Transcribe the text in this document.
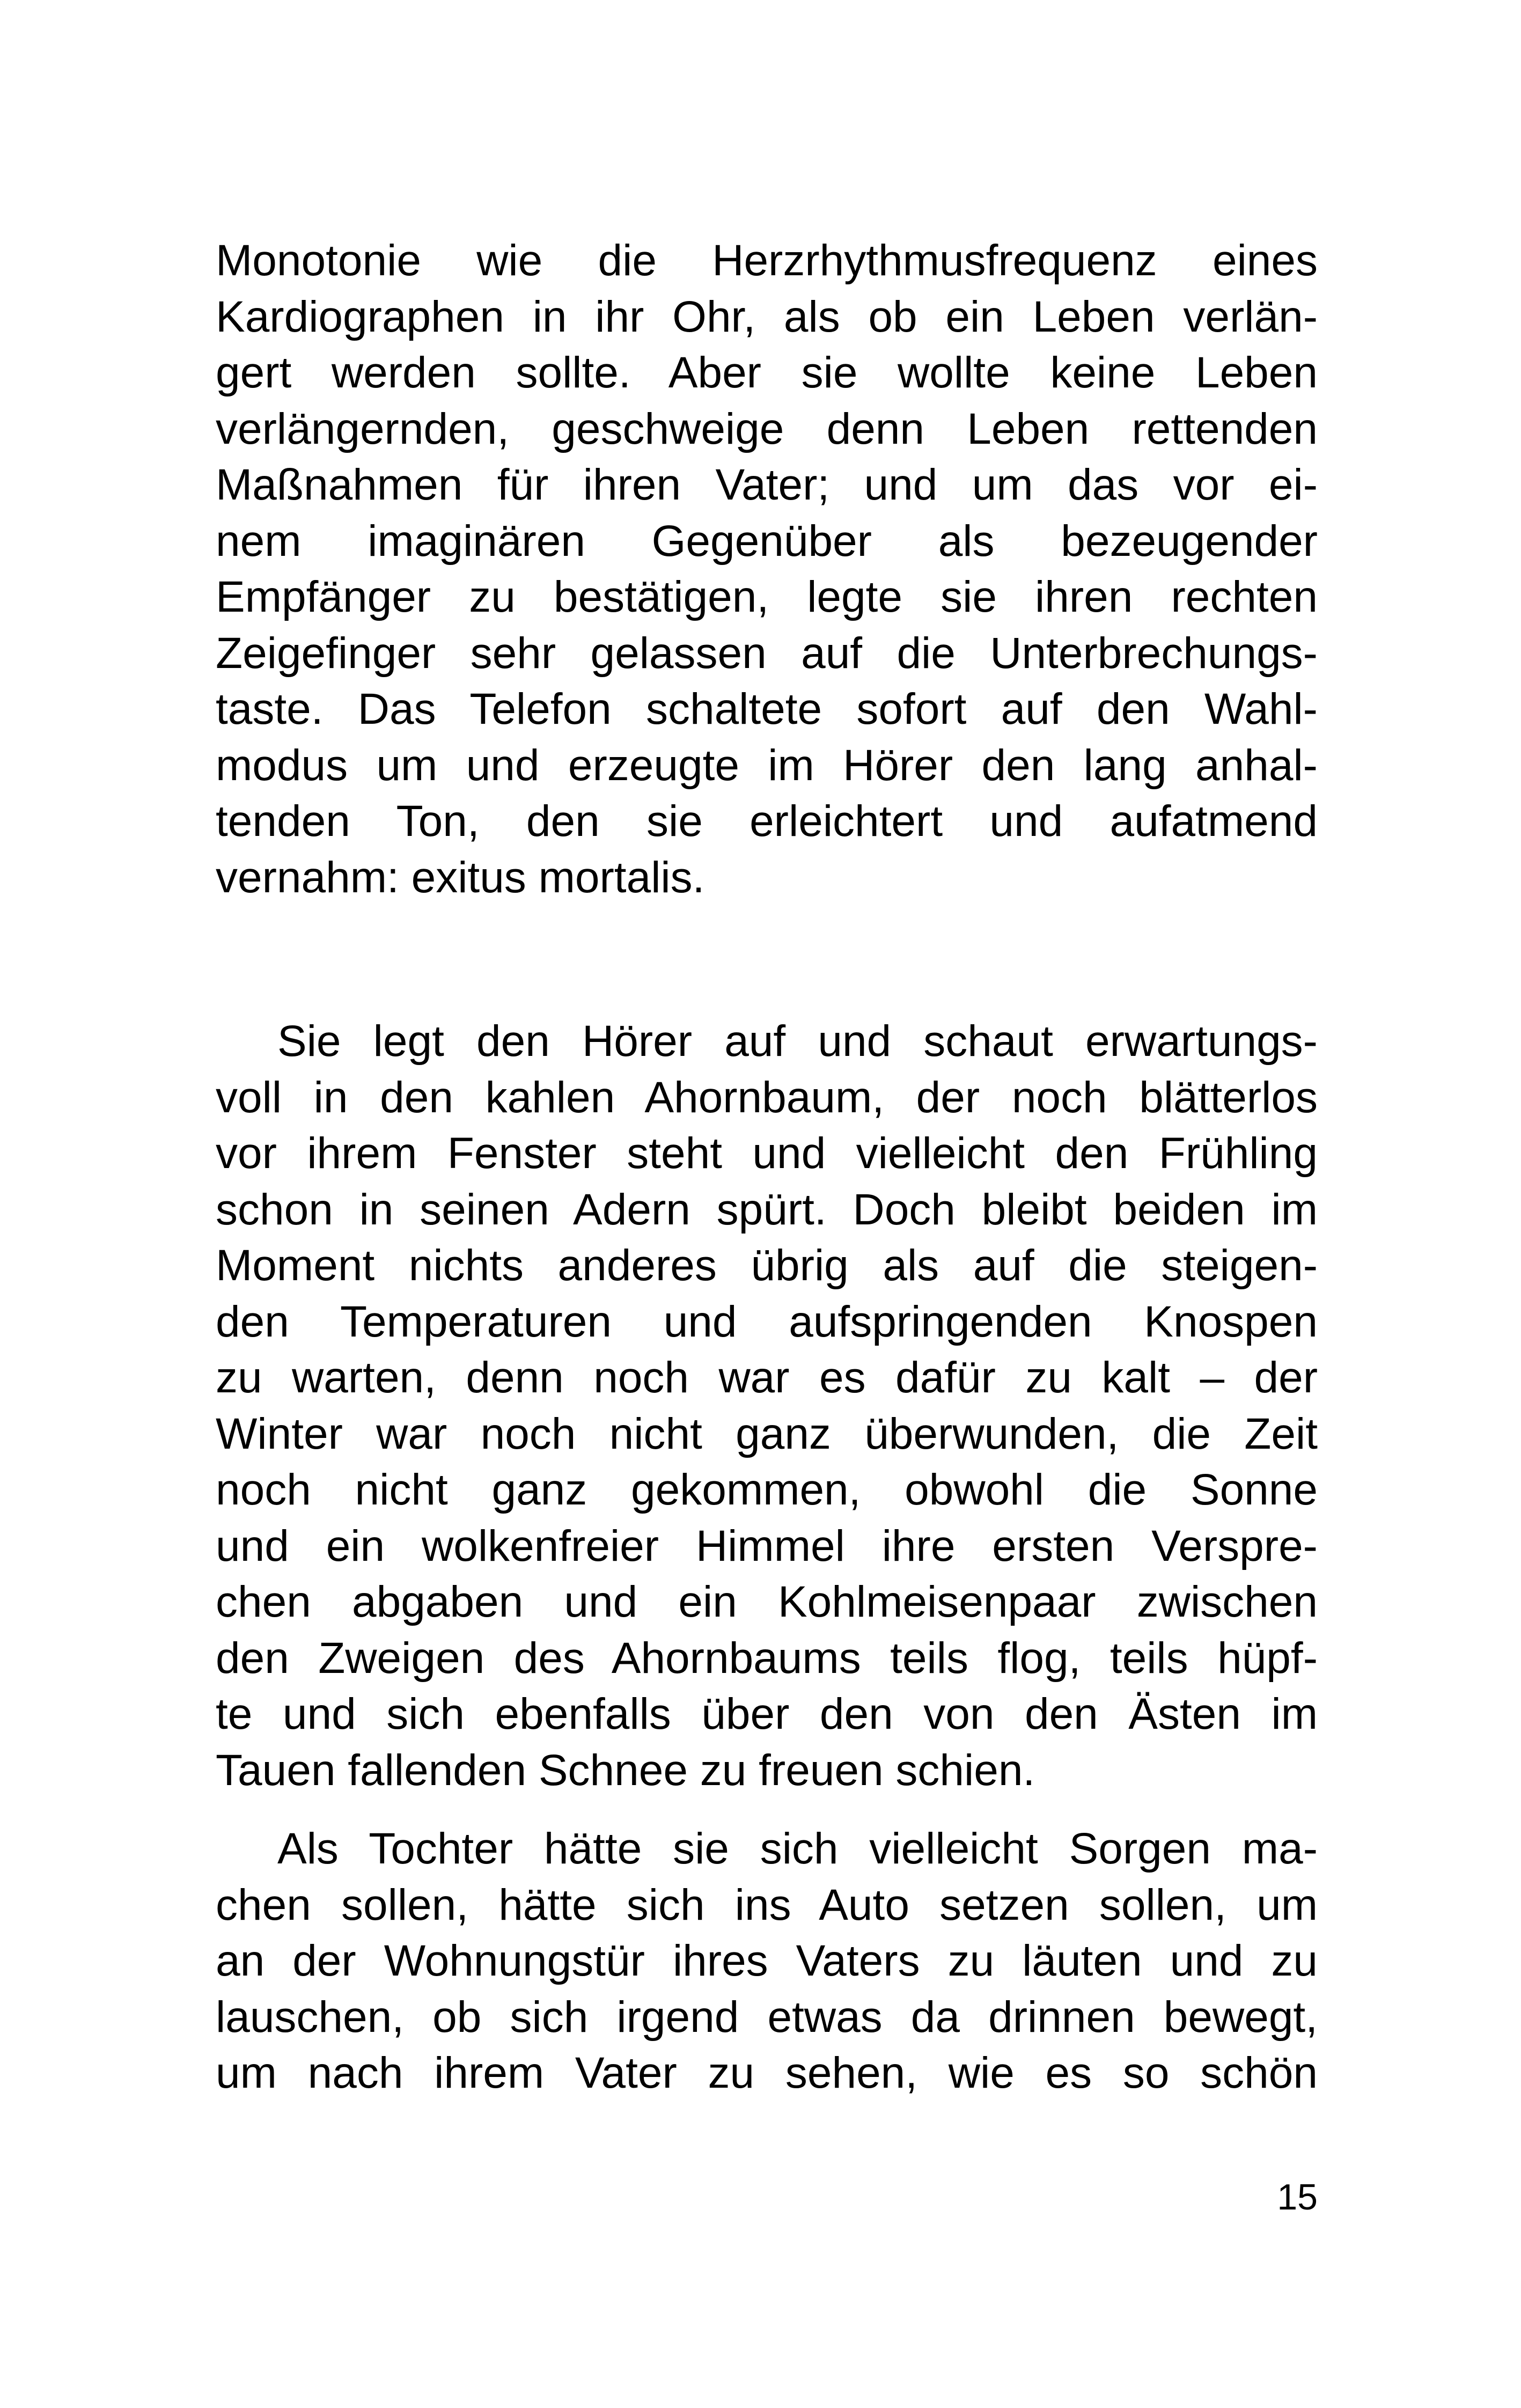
Monotonie wie die Herzrhythmusfrequenz eines
Kardiographen in ihr Ohr, als ob ein Leben verlän-
gert werden sollte. Aber sie wollte keine Leben
verlängernden, geschweige denn Leben rettenden
Maßnahmen für ihren Vater; und um das vor ei-
nem imaginären Gegenüber als bezeugender
Empfänger zu bestätigen, legte sie ihren rechten
Zeigefinger sehr gelassen auf die Unterbrechungs-
taste. Das Telefon schaltete sofort auf den Wahl-
modus um und erzeugte im Hörer den lang anhal-
tenden Ton, den sie erleichtert und aufatmend
vernahm: exitus mortalis.
Sie legt den Hörer auf und schaut erwartungs-
voll in den kahlen Ahornbaum, der noch blätterlos
vor ihrem Fenster steht und vielleicht den Frühling
schon in seinen Adern spürt. Doch bleibt beiden im
Moment nichts anderes übrig als auf die steigen-
den Temperaturen und aufspringenden Knospen
zu warten, denn noch war es dafür zu kalt – der
Winter war noch nicht ganz überwunden, die Zeit
noch nicht ganz gekommen, obwohl die Sonne
und ein wolkenfreier Himmel ihre ersten Verspre-
chen abgaben und ein Kohlmeisenpaar zwischen
den Zweigen des Ahornbaums teils flog, teils hüpf-
te und sich ebenfalls über den von den Ästen im
Tauen fallenden Schnee zu freuen schien.
Als Tochter hätte sie sich vielleicht Sorgen ma-
chen sollen, hätte sich ins Auto setzen sollen, um
an der Wohnungstür ihres Vaters zu läuten und zu
lauschen, ob sich irgend etwas da drinnen bewegt,
um nach ihrem Vater zu sehen, wie es so schön
15
